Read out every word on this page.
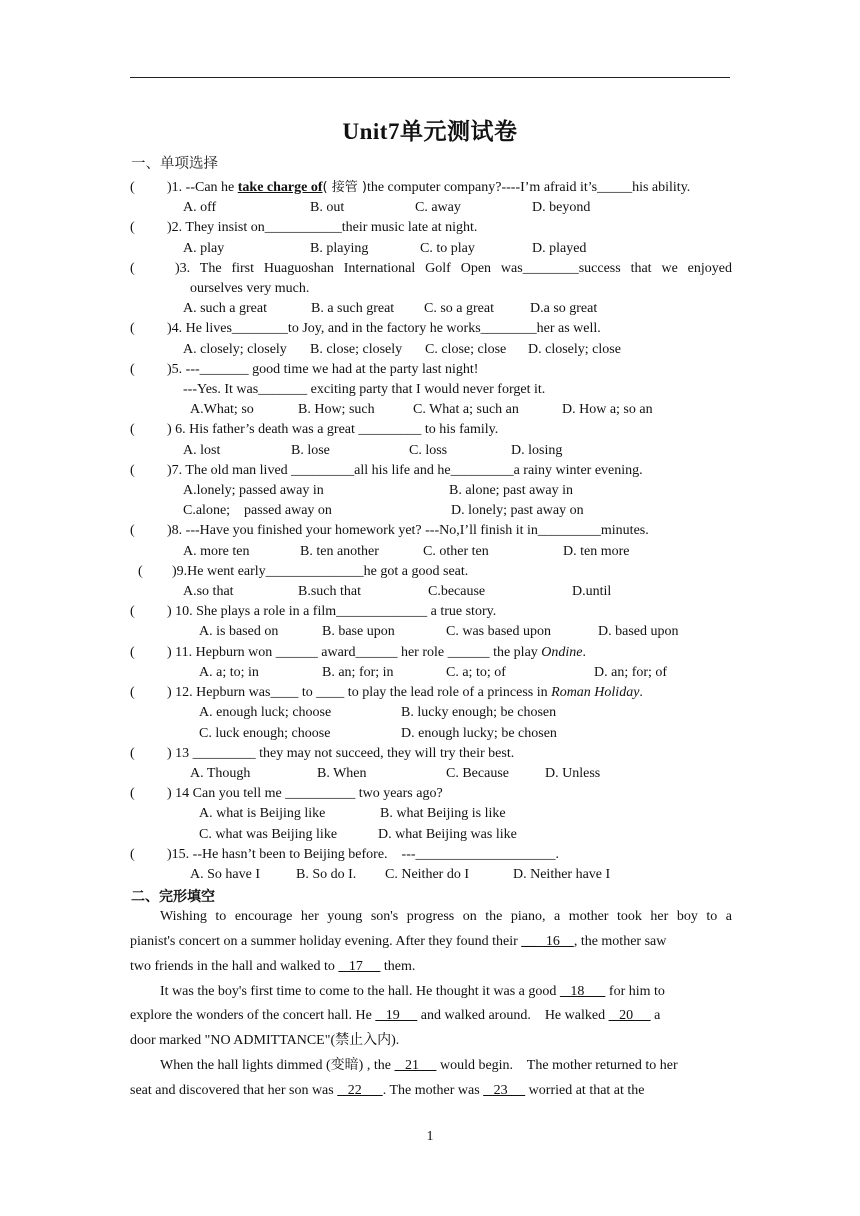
Unit7单元测试卷
一、单项选择
( )1. --Can he take charge of( 接管 )the computer company?----I’m afraid it’s_____his ability.
A. off	B. out	C. away	D. beyond
( )2. They insist on___________their music late at night.
A. play	B. playing	C. to play	D. played
(	)3. The first Huaguoshan International Golf Open was________success that we enjoyed
ourselves very much.
A. such a great	B. a such great C. so a great	D.a so great
( )4. He lives________to Joy, and in the factory he works________her as well.
A. closely; closely B. close; closely C. close; close D. closely; close
( )5. ---_______ good time we had at the party last night!
---Yes. It was_______ exciting party that I would never forget it.
A.What; so	B. How; such	C. What a; such an	D. How a; so an
( ) 6. His father’s death was a great _________ to his family.
A. lost	B. lose	C. loss	D. losing
( )7. The old man lived _________all his life and he_________a rainy winter evening.
A.lonely; passed away in	B. alone; past away in
C.alone;    passed away on	D. lonely; past away on
( )8. ---Have you finished your homework yet? ---No,I’ll finish it in_________minutes.
A. more ten	B. ten another	C. other ten	D. ten more
( )9.He went early______________he got a good seat.
A.so that	B.such that	C.because	D.until
( ) 10. She plays a role in a film_____________ a true story.
A. is based on	B. base upon	C. was based upon	D. based upon
( ) 11. Hepburn won ______ award______ her role ______ the play Ondine.
A. a; to; in	B. an; for; in	C. a; to; of	D. an; for; of
( ) 12. Hepburn was____ to ____ to play the lead role of a princess in Roman Holiday.
A. enough luck; choose	B. lucky enough; be chosen
C. luck enough; choose	D. enough lucky; be chosen
( ) 13 _________ they may not succeed, they will try their best.
A. Though	B. When	C. Because	D. Unless
( ) 14 Can you tell me __________ two years ago?
A. what is Beijing like	B. what Beijing is like
C. what was Beijing like	D. what Beijing was like
( )15. --He hasn’t been to Beijing before.    ---____________________.
A. So have I	B. So do I. C. Neither do I	D. Neither have I
二、完形填空
Wishing to encourage her young son's progress on the piano, a mother took her boy to a
pianist's concert on a summer holiday evening. After they found their __   16    , the mother saw
two friends in the hall and walked to    17      them.
It was the boy's first time to come to the hall. He thought it was a good    18       for him to
explore the wonders of the concert hall. He    19      and walked around.    He walked    20      a
door marked "NO ADMITTANCE"(禁止入内).
When the hall lights dimmed (变暗) , the    21      would begin.    The mother returned to her
seat and discovered that her son was    22      . The mother was    23      worried at that at the
1
